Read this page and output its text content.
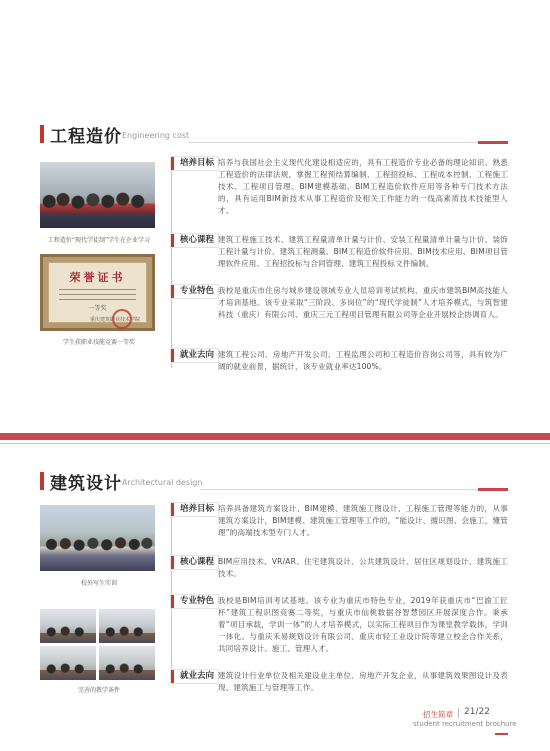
工程造价 Engineering cost
工程造价“现代学徒制”学生在企业学习
荣誉证书
一等奖
重庆建筑职业技术学院
学生获职业技能竞赛一等奖
培养目标 培养与我国社会主义现代化建设相适应的，具有工程造价专业必备的理论知识、熟悉工程造价的法律法规，掌握工程预结算编制、工程招投标、工程成本控制、工程施工技术、工程项目管理、BIM建模基础、BIM工程造价软件应用等各种专门技术方法的，具有运用BIM新技术从事工程造价及相关工作能力的一线高素质技术技能型人才。
核心课程 建筑工程施工技术、建筑工程量清单计量与计价、安装工程量清单计量与计价、装饰工程计量与计价、建筑工程测量、BIM工程造价软件应用、BIM技术应用、BIM项目管理软件应用、工程招投标与合同管理、建筑工程投标文件编制。
专业特色 我校是重庆市住房与城乡建设领域专业人员培训考试机构、重庆市建筑BIM高技能人才培训基地。该专业采取“三阶段、多岗位”的“现代学徒制”人才培养模式，与筑智建科技（重庆）有限公司、重庆三元工程项目管理有限公司等企业开展校企协调育人。
就业去向 建筑工程公司、房地产开发公司、工程监理公司和工程造价咨询公司等，具有较为广阔的就业前景，据统计，该专业就业率达100%。
建筑设计 Architectural design
校外写生实训
完善的教学条件
培养目标 培养具备建筑方案设计、BIM建模、建筑施工图设计、工程施工管理等能力的，从事建筑方案设计，BIM建模、建筑施工管理等工作的，“能设计、擅识图、会施工，懂管理”的高端技术型专门人才。
核心课程 BIM应用技术、VR/AR、住宅建筑设计、公共建筑设计、居住区规划设计、建筑施工技术。
专业特色 我校是BIM培训考试基地。该专业为重庆市特色专业，2019年获重庆市“巴渝工匠杯”建筑工程识图竞赛二等奖，与重庆市仙桃数据谷智慧园区开展深度合作。秉承着“项目承载，学训一体”的人才培养模式，以实际工程项目作为课堂教学载体，学训一体化。与重庆禾易规划设计有限公司、重庆市轻工业设计院等建立校企合作关系，共同培养设计、施工、管理人才。
就业去向 建筑设计行业单位及相关建设业主单位、房地产开发企业，从事建筑效果图设计及表现、建筑施工与管理等工作。
招生简章 21/22
student recruitment brochure
